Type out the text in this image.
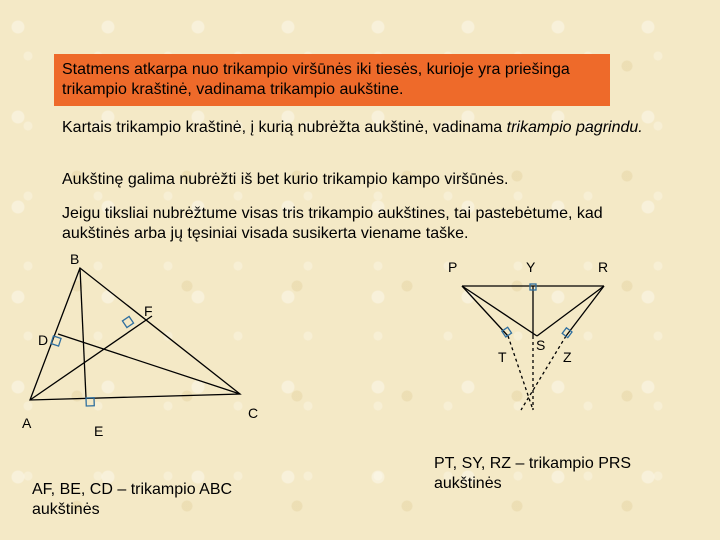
Statmens atkarpa nuo trikampio viršūnės iki tiesės, kurioje yra priešinga trikampio kraštinė, vadinama trikampio aukštine.
Kartais trikampio kraštinė, į kurią nubrėžta aukštinė, vadinama trikampio pagrindu.
Aukštinę galima nubrėžti iš bet kurio trikampio kampo viršūnės.
Jeigu tiksliai nubrėžtume visas tris trikampio aukštines, tai pastebėtume, kad aukštinės arba jų tęsiniai visada susikerta viename taške.
B
F
D
A	E
C
P	Y	R
T
S
Z
AF, BE, CD – trikampio ABC aukštinės
PT, SY, RZ – trikampio PRS aukštinės
